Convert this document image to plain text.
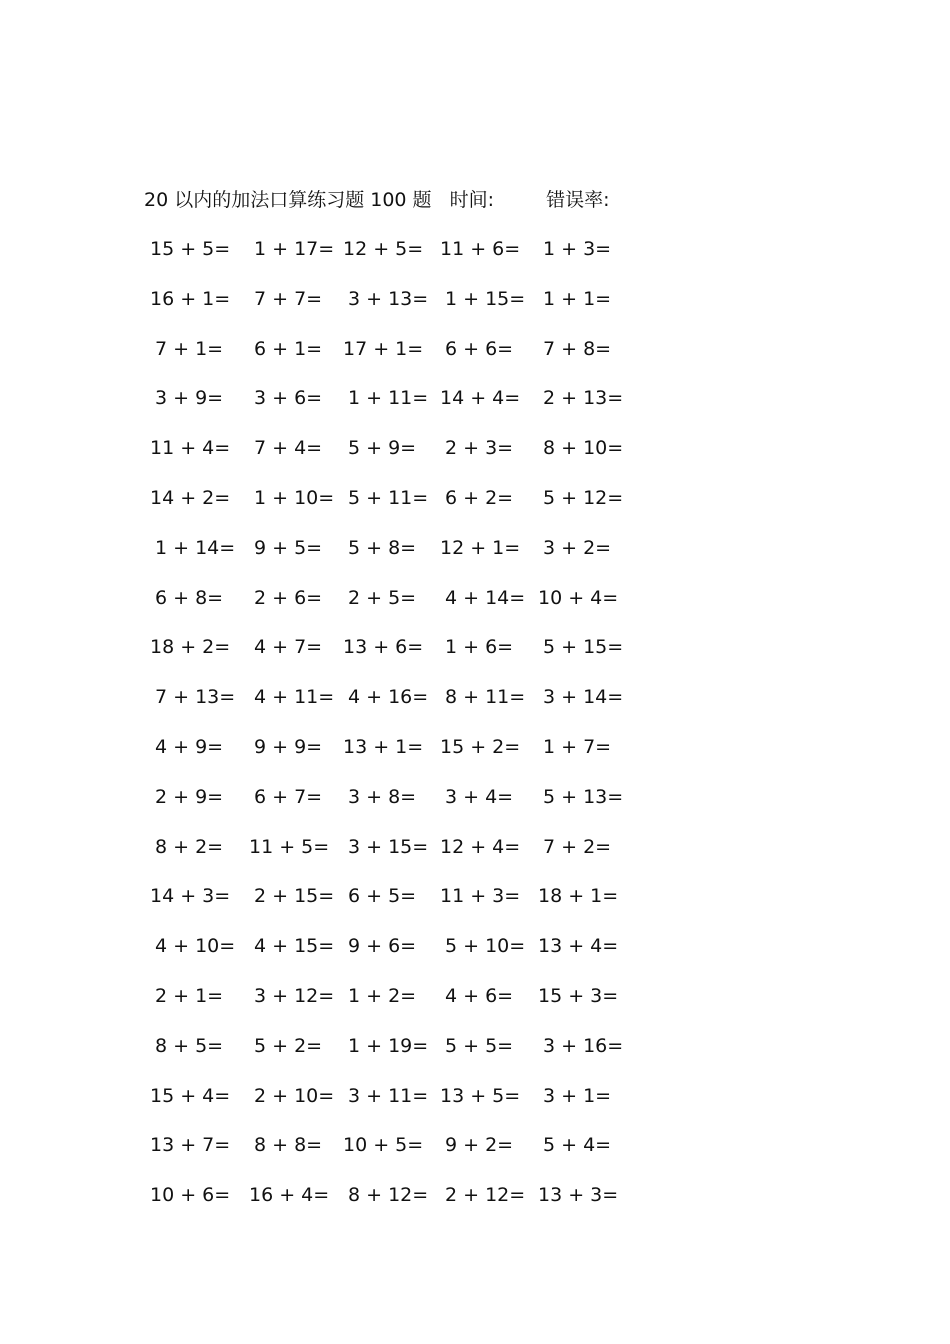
20 以内的加法口算练习题 100 题 时间:	错误率:
15 + 5= 1 + 17= 12 + 5= 11 + 6= 1 + 3=
16 + 1= 7 + 7= 3 + 13= 1 + 15= 1 + 1=
7 + 1= 6 + 1= 17 + 1= 6 + 6= 7 + 8=
3 + 9= 3 + 6= 1 + 11= 14 + 4= 2 + 13=
11 + 4= 7 + 4= 5 + 9= 2 + 3= 8 + 10=
14 + 2= 1 + 10= 5 + 11= 6 + 2= 5 + 12=
1 + 14= 9 + 5= 5 + 8= 12 + 1= 3 + 2=
6 + 8= 2 + 6= 2 + 5= 4 + 14= 10 + 4=
18 + 2= 4 + 7= 13 + 6= 1 + 6= 5 + 15=
7 + 13= 4 + 11= 4 + 16= 8 + 11= 3 + 14=
4 + 9= 9 + 9= 13 + 1= 15 + 2= 1 + 7=
2 + 9= 6 + 7= 3 + 8= 3 + 4= 5 + 13=
8 + 2= 11 + 5= 3 + 15= 12 + 4= 7 + 2=
14 + 3= 2 + 15= 6 + 5= 11 + 3= 18 + 1=
4 + 10= 4 + 15= 9 + 6= 5 + 10= 13 + 4=
2 + 1= 3 + 12= 1 + 2= 4 + 6= 15 + 3=
8 + 5= 5 + 2= 1 + 19= 5 + 5= 3 + 16=
15 + 4= 2 + 10= 3 + 11= 13 + 5= 3 + 1=
13 + 7= 8 + 8= 10 + 5= 9 + 2= 5 + 4=
10 + 6= 16 + 4= 8 + 12= 2 + 12= 13 + 3=
